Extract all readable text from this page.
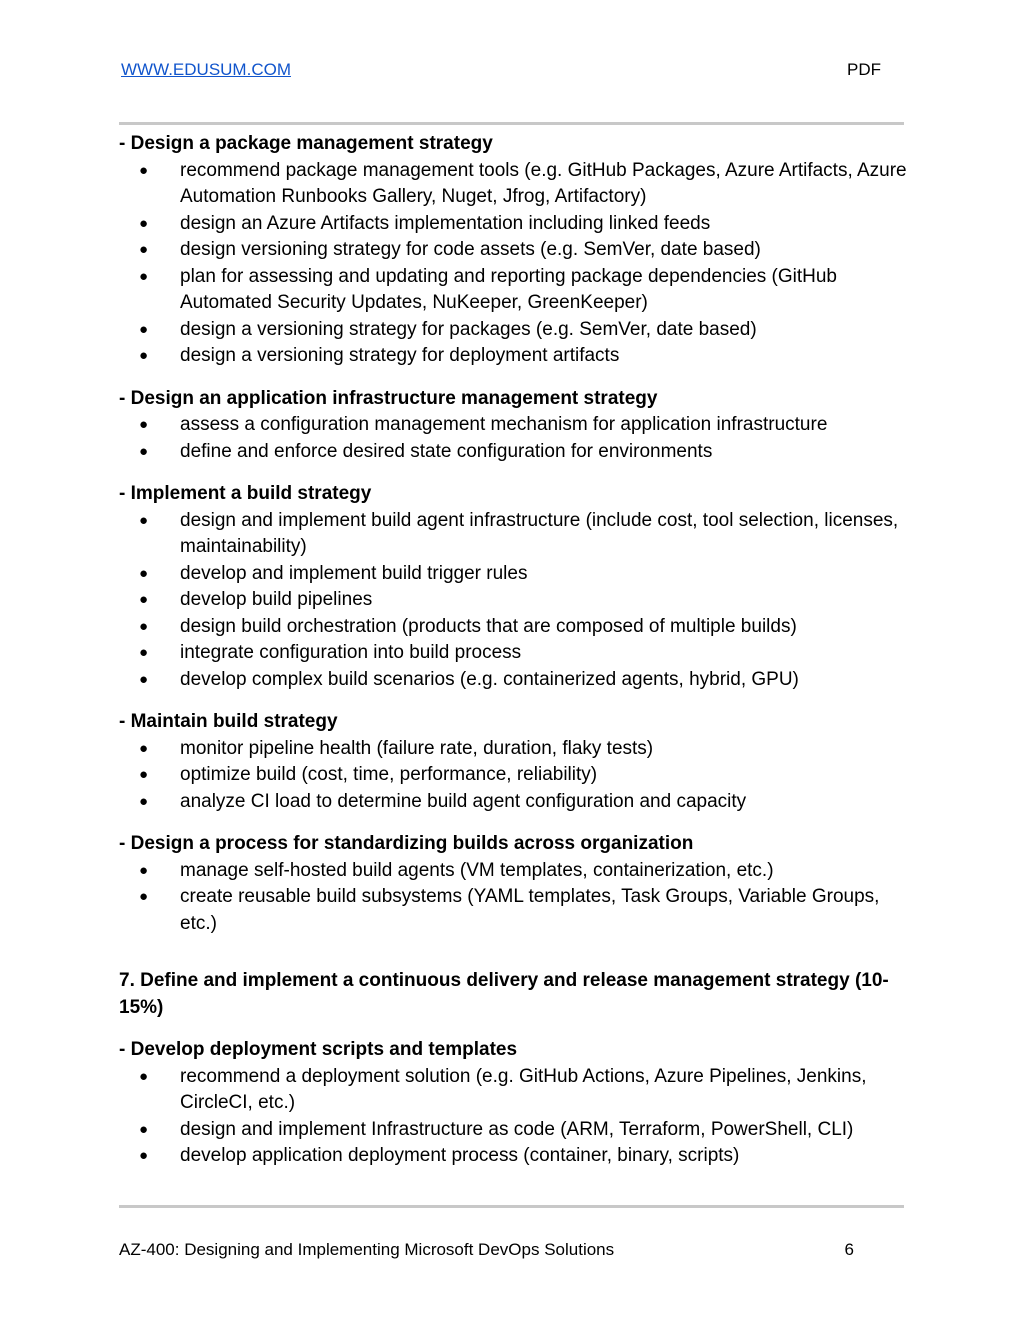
WWW.EDUSUM.COM	PDF
- Design a package management strategy
● recommend package management tools (e.g. GitHub Packages, Azure Artifacts, Azure Automation Runbooks Gallery, Nuget, Jfrog, Artifactory)
● design an Azure Artifacts implementation including linked feeds
● design versioning strategy for code assets (e.g. SemVer, date based)
● plan for assessing and updating and reporting package dependencies (GitHub Automated Security Updates, NuKeeper, GreenKeeper)
● design a versioning strategy for packages (e.g. SemVer, date based)
● design a versioning strategy for deployment artifacts
- Design an application infrastructure management strategy
● assess a configuration management mechanism for application infrastructure
● define and enforce desired state configuration for environments
- Implement a build strategy
● design and implement build agent infrastructure (include cost, tool selection, licenses, maintainability)
● develop and implement build trigger rules
● develop build pipelines
● design build orchestration (products that are composed of multiple builds)
● integrate configuration into build process
● develop complex build scenarios (e.g. containerized agents, hybrid, GPU)
- Maintain build strategy
● monitor pipeline health (failure rate, duration, flaky tests)
● optimize build (cost, time, performance, reliability)
● analyze CI load to determine build agent configuration and capacity
- Design a process for standardizing builds across organization
● manage self-hosted build agents (VM templates, containerization, etc.)
● create reusable build subsystems (YAML templates, Task Groups, Variable Groups, etc.)
7. Define and implement a continuous delivery and release management strategy (10-15%)
- Develop deployment scripts and templates
● recommend a deployment solution (e.g. GitHub Actions, Azure Pipelines, Jenkins, CircleCI, etc.)
● design and implement Infrastructure as code (ARM, Terraform, PowerShell, CLI)
● develop application deployment process (container, binary, scripts)
AZ-400: Designing and Implementing Microsoft DevOps Solutions	6
